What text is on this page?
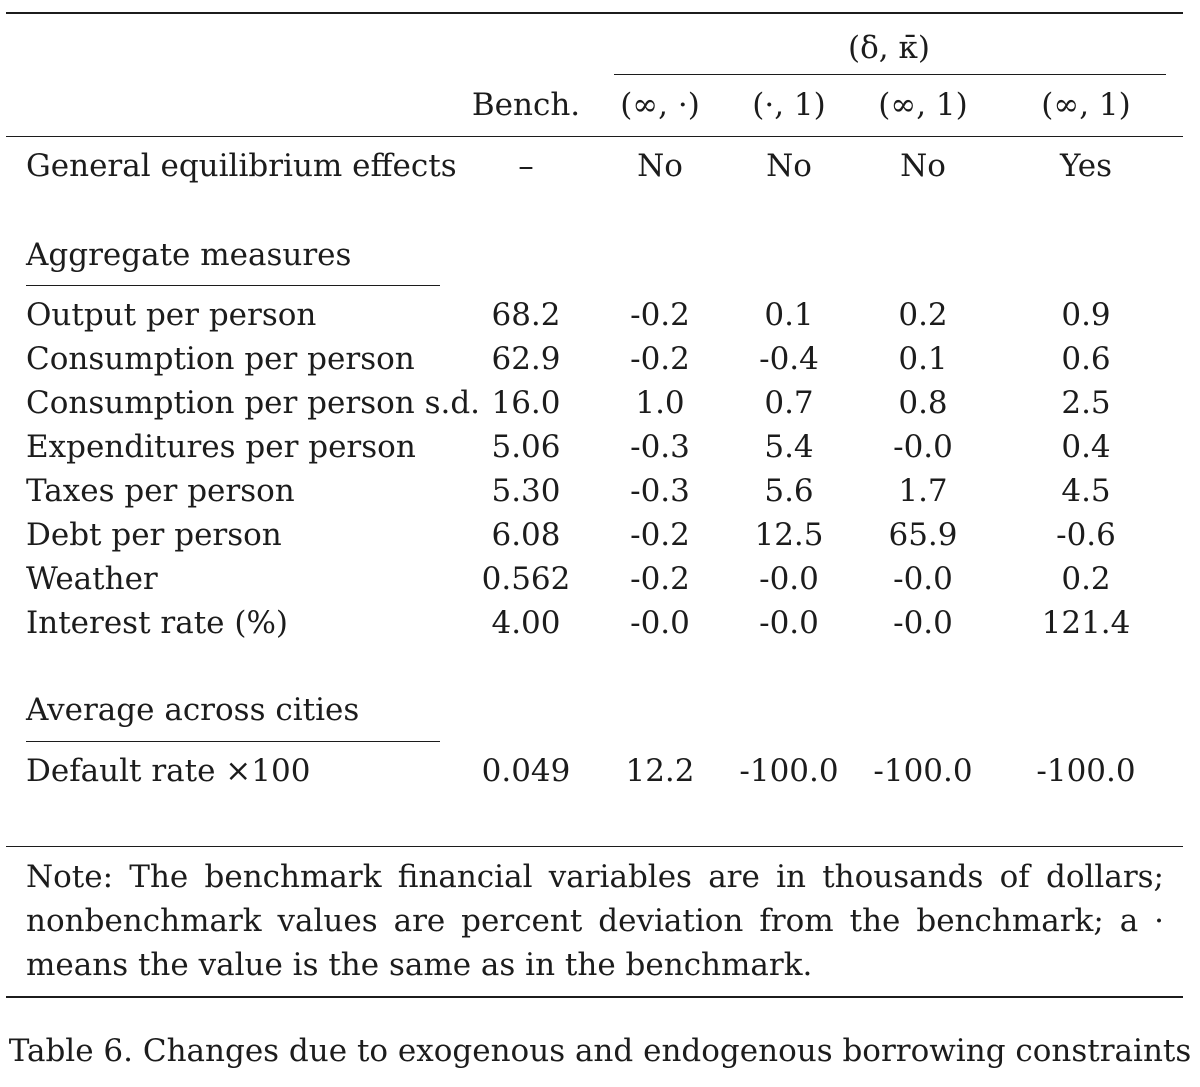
(δ, κ̄)
Bench. (∞, ·) (·, 1) (∞, 1) (∞, 1)
General equilibrium effects –	No	No	No	Yes
Aggregate measures
Output per person	68.2 -0.2 0.1	0.2	0.9
Consumption per person 62.9 -0.2 -0.4	0.1	0.6
Consumption per person s.d. 16.0 1.0	0.7	0.8	2.5
Expenditures per person 5.06 -0.3 5.4	-0.0	0.4
Taxes per person	5.30 -0.3 5.6	1.7	4.5
Debt per person	6.08 -0.2 12.5 65.9	-0.6
Weather	0.562 -0.2 -0.0 -0.0	0.2
Interest rate (%)	4.00 -0.0 -0.0 -0.0	121.4
Average across cities
Default rate ×100	0.049 12.2 -100.0 -100.0 -100.0
Note: The benchmark financial variables are in thousands of dollars; nonbenchmark values are percent deviation from the benchmark; a · means the value is the same as in the benchmark.
Table 6. Changes due to exogenous and endogenous borrowing constraints
